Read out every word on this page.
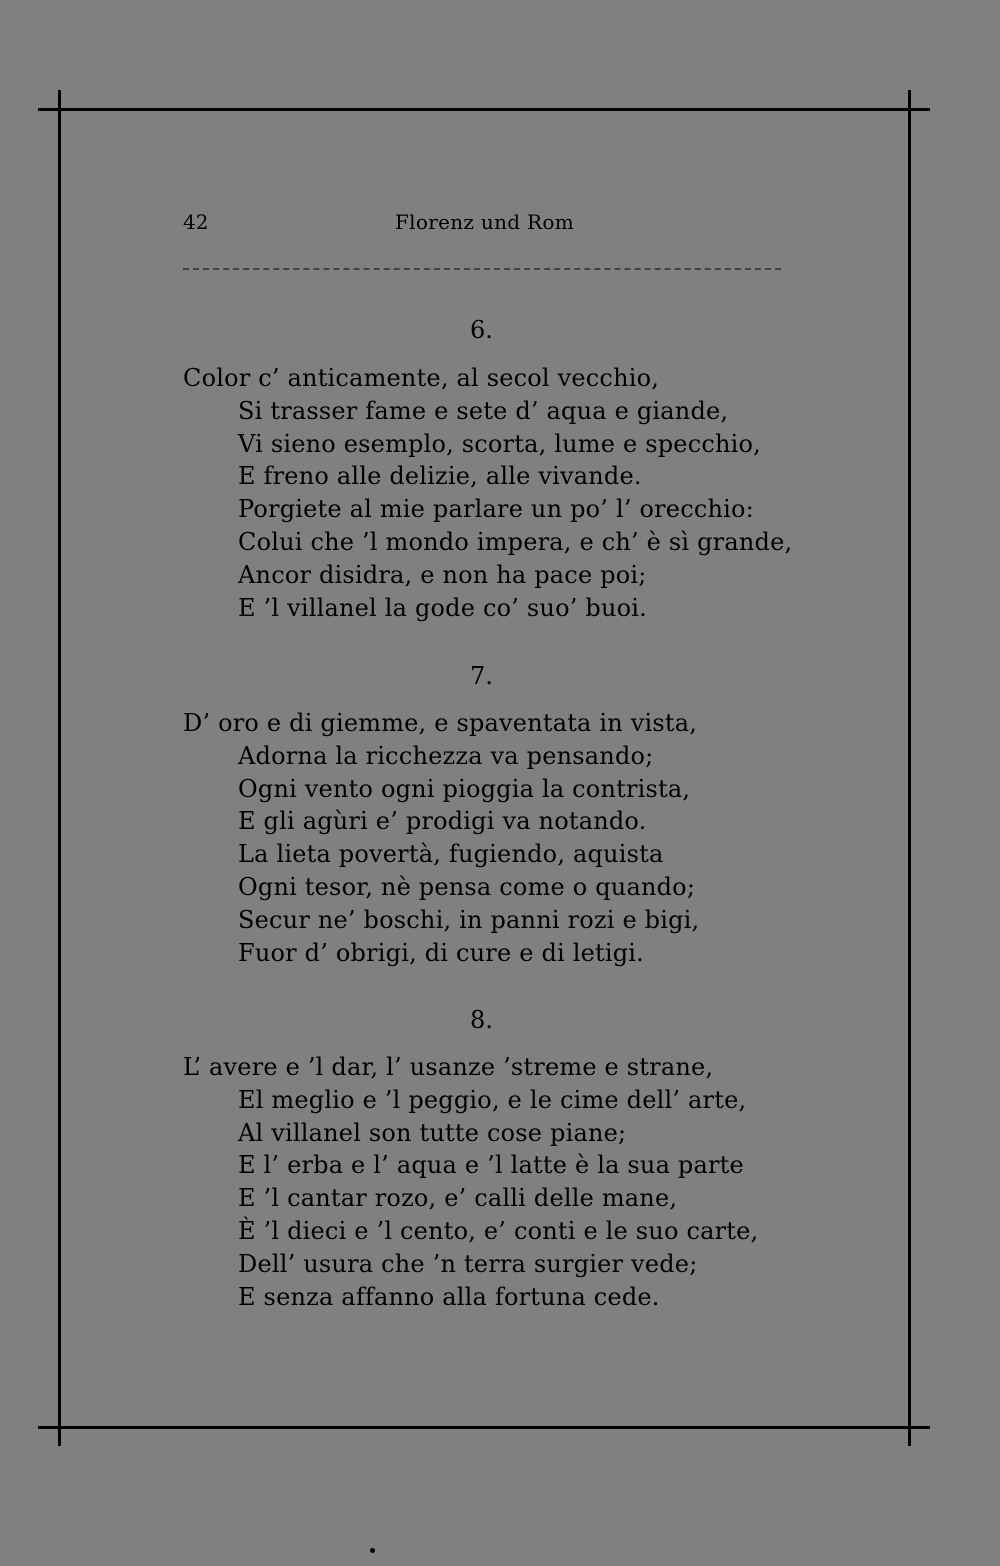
42	Florenz und Rom
6.
Color c’ anticamente, al secol vecchio,
Si trasser fame e sete d’ aqua e giande,
Vi sieno esemplo, scorta, lume e specchio,
E freno alle delizie, alle vivande.
Porgiete al mie parlare un po’ l’ orecchio:
Colui che ’l mondo impera, e ch’ è sì grande,
Ancor disidra, e non ha pace poi;
E ’l villanel la gode co’ suo’ buoi.
7.
D’ oro e di giemme, e spaventata in vista,
Adorna la ricchezza va pensando;
Ogni vento ogni pioggia la contrista,
E gli agùri e’ prodigi va notando.
La lieta povertà, fugiendo, aquista
Ogni tesor, nè pensa come o quando;
Secur ne’ boschi, in panni rozi e bigi,
Fuor d’ obrigi, di cure e di letigi.
8.
L’ avere e ’l dar, l’ usanze ’streme e strane,
El meglio e ’l peggio, e le cime dell’ arte,
Al villanel son tutte cose piane;
E l’ erba e l’ aqua e ’l latte è la sua parte
E ’l cantar rozo, e’ calli delle mane,
È ’l dieci e ’l cento, e’ conti e le suo carte,
Dell’ usura che ’n terra surgier vede;
E senza affanno alla fortuna cede.
